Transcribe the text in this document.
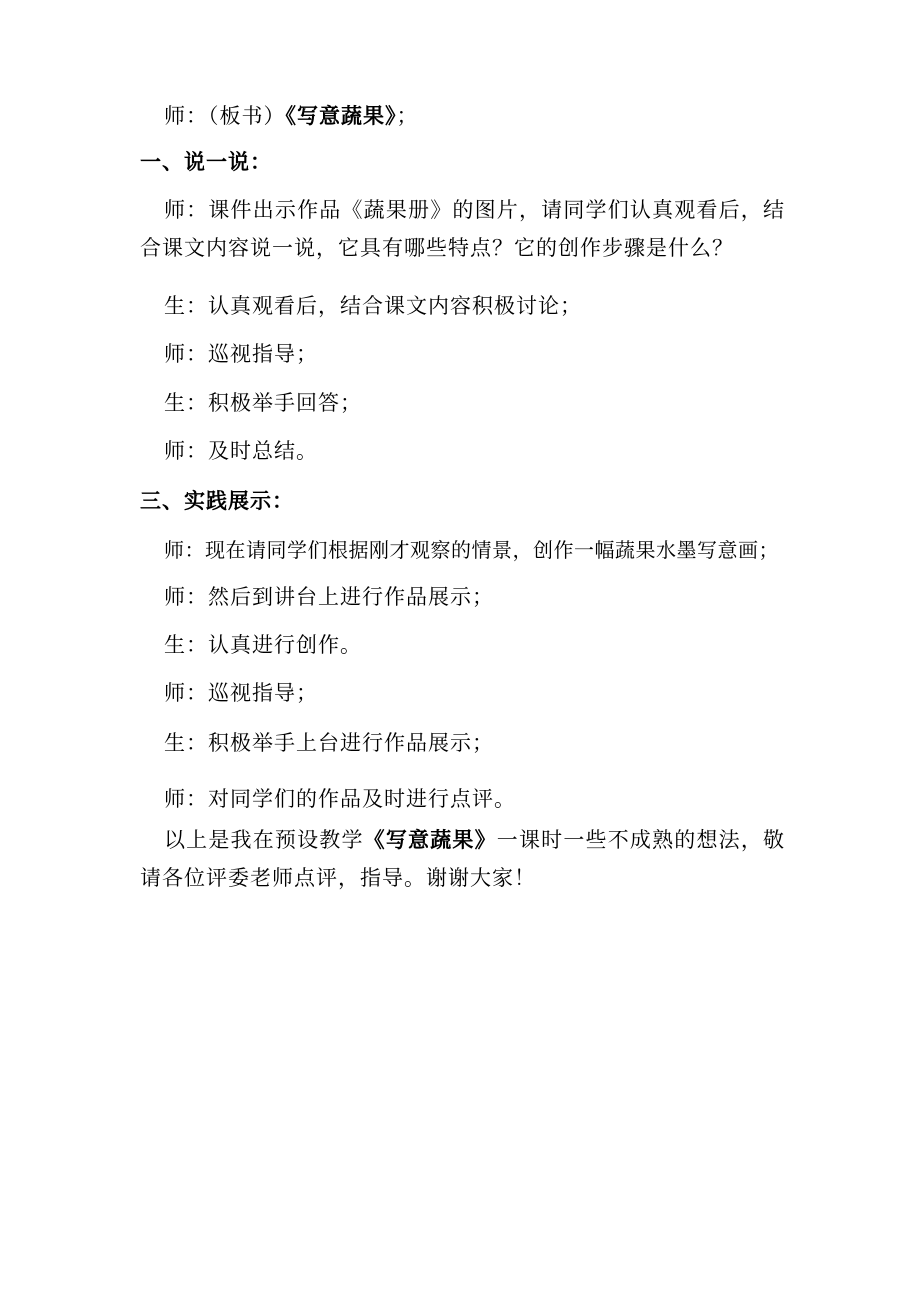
师：（板书）《写意蔬果》；
一、说一说：
师：课件出示作品《蔬果册》的图片，请同学们认真观看后，结合课文内容说一说，它具有哪些特点？它的创作步骤是什么？
生：认真观看后，结合课文内容积极讨论；
师：巡视指导；
生：积极举手回答；
师：及时总结。
三、实践展示：
师：现在请同学们根据刚才观察的情景，创作一幅蔬果水墨写意画；
师：然后到讲台上进行作品展示；
生：认真进行创作。
师：巡视指导；
生：积极举手上台进行作品展示；
师：对同学们的作品及时进行点评。
以上是我在预设教学《写意蔬果》一课时一些不成熟的想法，敬请各位评委老师点评，指导。谢谢大家！
